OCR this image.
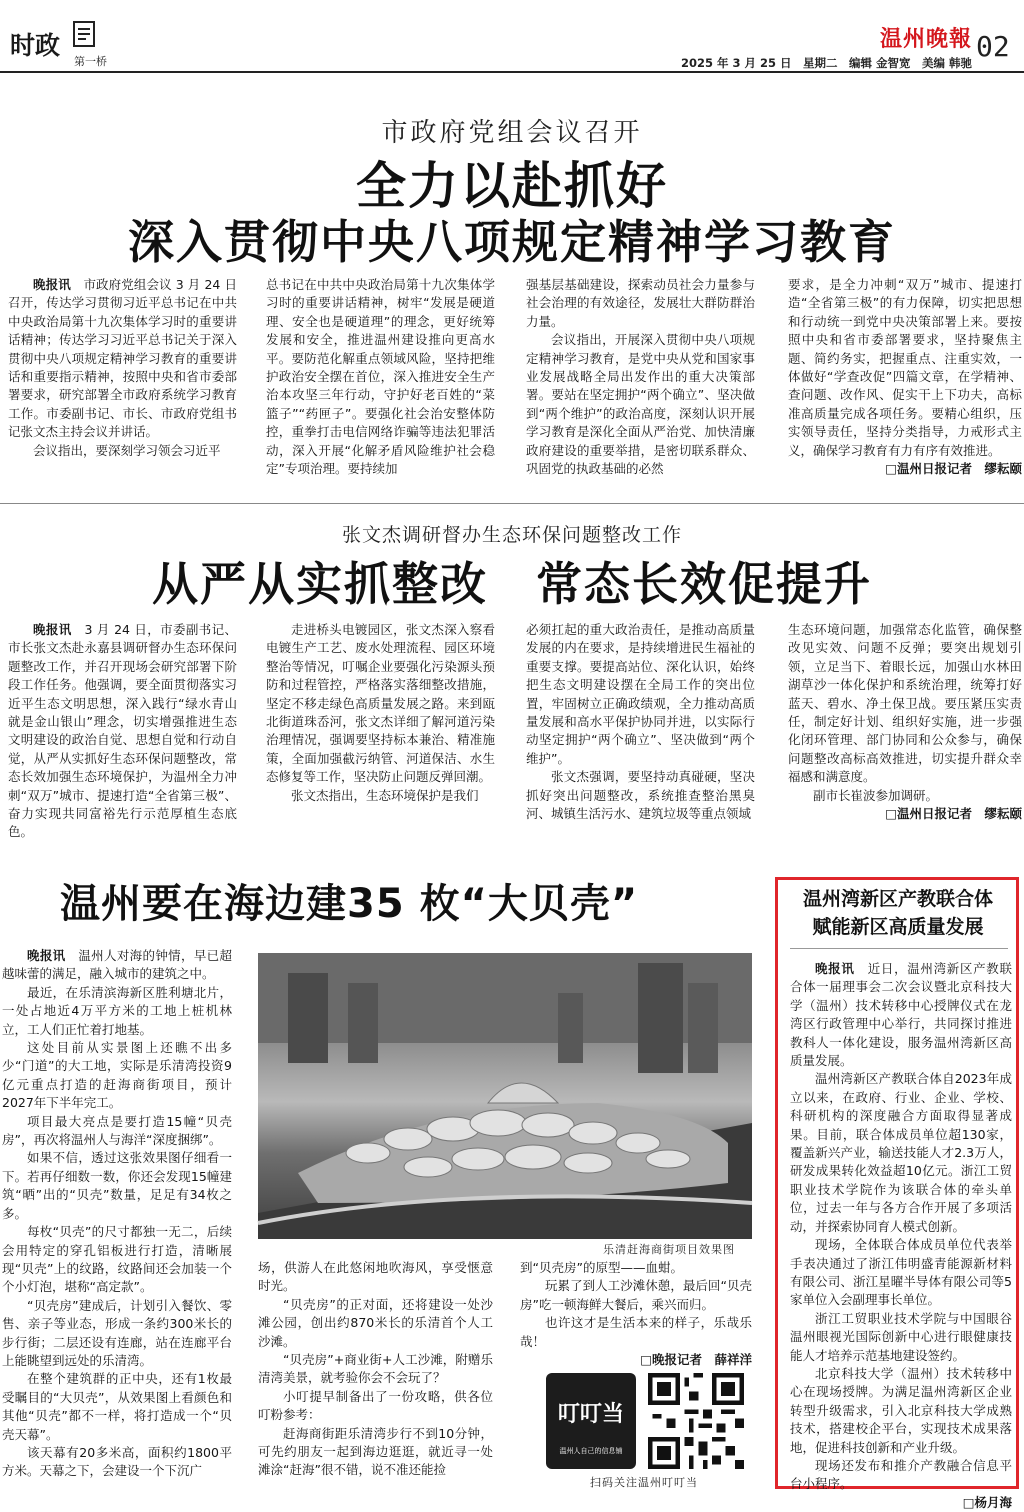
时政
第一桥
温州晚報 02
2025 年 3 月 25 日　星期二　编辑 金智宽　美编 韩驰
市政府党组会议召开
全力以赴抓好
深入贯彻中央八项规定精神学习教育

晚报讯　 市政府党组会议 3 月 24 日召开，传达学习贯彻习近平总书记在中共中央政治局第十九次集体学习时的重要讲话精神；传达学习习近平总书记关于深入贯彻中央八项规定精神学习教育的重要讲话和重要指示精神，按照中央和省市委部署要求，研究部署全市政府系统学习教育工作。市委副书记、市长、市政府党组书记张文杰主持会议并讲话。

会议指出，要深刻学习领会习近平

总书记在中共中央政治局第十九次集体学习时的重要讲话精神，树牢“发展是硬道理、安全也是硬道理”的理念，更好统筹发展和安全，推进温州建设推向更高水平。要防范化解重点领域风险，坚持把维护政治安全摆在首位，深入推进安全生产治本攻坚三年行动，守护好老百姓的“菜篮子”“药匣子”。要强化社会治安整体防控，重拳打击电信网络诈骗等违法犯罪活动，深入开展“化解矛盾风险维护社会稳定”专项治理。要持续加

强基层基础建设，探索动员社会力量参与社会治理的有效途径，发展壮大群防群治力量。

会议指出，开展深入贯彻中央八项规定精神学习教育，是党中央从党和国家事业发展战略全局出发作出的重大决策部署。要站在坚定拥护“两个确立”、坚决做到“两个维护”的政治高度，深刻认识开展学习教育是深化全面从严治党、加快清廉政府建设的重要举措，是密切联系群众、巩固党的执政基础的必然

要求，是全力冲刺“双万”城市、提速打造“全省第三极”的有力保障，切实把思想和行动统一到党中央决策部署上来。要按照中央和省市委部署要求，坚持聚焦主题、简约务实，把握重点、注重实效，一体做好“学查改促”四篇文章，在学精神、查问题、改作风、促实干上下功夫，高标准高质量完成各项任务。要精心组织，压实领导责任，坚持分类指导，力戒形式主义，确保学习教育有力有序有效推进。

□温州日报记者　缪耘颐
张文杰调研督办生态环保问题整改工作
从严从实抓整改　常态长效促提升

晚报讯　 3 月 24 日，市委副书记、市长张文杰赴永嘉县调研督办生态环保问题整改工作，并召开现场会研究部署下阶段工作任务。他强调，要全面贯彻落实习近平生态文明思想，深入践行“绿水青山就是金山银山”理念，切实增强推进生态文明建设的政治自觉、思想自觉和行动自觉，从严从实抓好生态环保问题整改，常态长效加强生态环境保护，为温州全力冲刺“双万”城市、提速打造“全省第三极”、奋力实现共同富裕先行示范厚植生态底色。

走进桥头电镀园区，张文杰深入察看电镀生产工艺、废水处理流程、园区环境整治等情况，叮嘱企业要强化污染源头预防和过程管控，严格落实落细整改措施，坚定不移走绿色高质量发展之路。来到瓯北街道珠岙河，张文杰详细了解河道污染治理情况，强调要坚持标本兼治、精准施策，全面加强截污纳管、河道保洁、水生态修复等工作，坚决防止问题反弹回潮。

张文杰指出，生态环境保护是我们

必须扛起的重大政治责任，是推动高质量发展的内在要求，是持续增进民生福祉的重要支撑。要提高站位、深化认识，始终把生态文明建设摆在全局工作的突出位置，牢固树立正确政绩观，全力推动高质量发展和高水平保护协同并进，以实际行动坚定拥护“两个确立”、坚决做到“两个维护”。

张文杰强调，要坚持动真碰硬，坚决抓好突出问题整改，系统推查整治黑臭河、城镇生活污水、建筑垃圾等重点领域

生态环境问题，加强常态化监管，确保整改见实效、问题不反弹；要突出规划引领，立足当下、着眼长远，加强山水林田湖草沙一体化保护和系统治理，统筹打好蓝天、碧水、净土保卫战。要压紧压实责任，制定好计划、组织好实施，进一步强化闭环管理、部门协同和公众参与，确保问题整改高标高效推进，切实提升群众幸福感和满意度。

副市长崔波参加调研。

□温州日报记者　缪耘颐
温州要在海边建35 枚“大贝壳”

晚报讯　 温州人对海的钟情，早已超越味蕾的满足，融入城市的建筑之中。

最近，在乐清滨海新区胜利塘北片，一处占地近4万平方米的工地上桩机林立，工人们正忙着打地基。

这处目前从实景图上还瞧不出多少“门道”的大工地，实际是乐清湾投资9亿元重点打造的赶海商街项目，预计2027年下半年完工。

项目最大亮点是要打造15幢“贝壳房”，再次将温州人与海洋“深度捆绑”。

如果不信，透过这张效果图仔细看一下。若再仔细数一数，你还会发现15幢建筑“晒”出的“贝壳”数量，足足有34枚之多。

每枚“贝壳”的尺寸都独一无二，后续会用特定的穿孔铝板进行打造，清晰展现“贝壳”上的纹路，纹路间还会加装一个个小灯泡，堪称“高定款”。

“贝壳房”建成后，计划引入餐饮、零售、亲子等业态，形成一条约300米长的步行街；二层还设有连廊，站在连廊平台上能眺望到远处的乐清湾。

在整个建筑群的正中央，还有1枚最受瞩目的“大贝壳”，从效果图上看颜色和其他“贝壳”都不一样，将打造成一个“贝壳天幕”。

该天幕有20多米高，面积约1800平方米。天幕之下，会建设一个下沉广

乐清赶海商街项目效果图

场，供游人在此悠闲地吹海风，享受惬意时光。

“贝壳房”的正对面，还将建设一处沙滩公园，创出约870米长的乐清首个人工沙滩。

“贝壳房”+商业街+人工沙滩，附赠乐清湾美景，就考验你会不会玩了？

小叮提早制备出了一份攻略，供各位叮粉参考：

赶海商街距乐清湾步行不到10分钟，可先约朋友一起到海边逛逛，就近寻一处滩涂“赶海”很不错，说不准还能捡

到“贝壳房”的原型——血蚶。

玩累了到人工沙滩休憩，最后回“贝壳房”吃一顿海鲜大餐后，乘兴而归。

也许这才是生活本来的样子，乐哉乐哉！

□晚报记者　薛祥洋
叮叮当
温州人自己的信息铺
扫码关注温州叮叮当
温州湾新区产教联合体
赋能新区高质量发展

晚报讯　 近日，温州湾新区产教联合体一届理事会二次会议暨北京科技大学（温州）技术转移中心授牌仪式在龙湾区行政管理中心举行，共同探讨推进教科人一体化建设，服务温州湾新区高质量发展。

温州湾新区产教联合体自2023年成立以来，在政府、行业、企业、学校、科研机构的深度融合方面取得显著成果。目前，联合体成员单位超130家，覆盖新兴产业，输送技能人才2.3万人，研发成果转化效益超10亿元。浙江工贸职业技术学院作为该联合体的牵头单位，过去一年与各方合作开展了多项活动，并探索协同育人模式创新。

现场，全体联合体成员单位代表举手表决通过了浙江伟明盛青能源新材料有限公司、浙江星曜半导体有限公司等5家单位入会副理事长单位。

浙江工贸职业技术学院与中国眼谷温州眼视光国际创新中心进行眼健康技能人才培养示范基地建设签约。

北京科技大学（温州）技术转移中心在现场授牌。为满足温州湾新区企业转型升级需求，引入北京科技大学成熟技术，搭建校企平台，实现技术成果落地，促进科技创新和产业升级。

现场还发布和推介产教融合信息平台小程序。

□杨月海
